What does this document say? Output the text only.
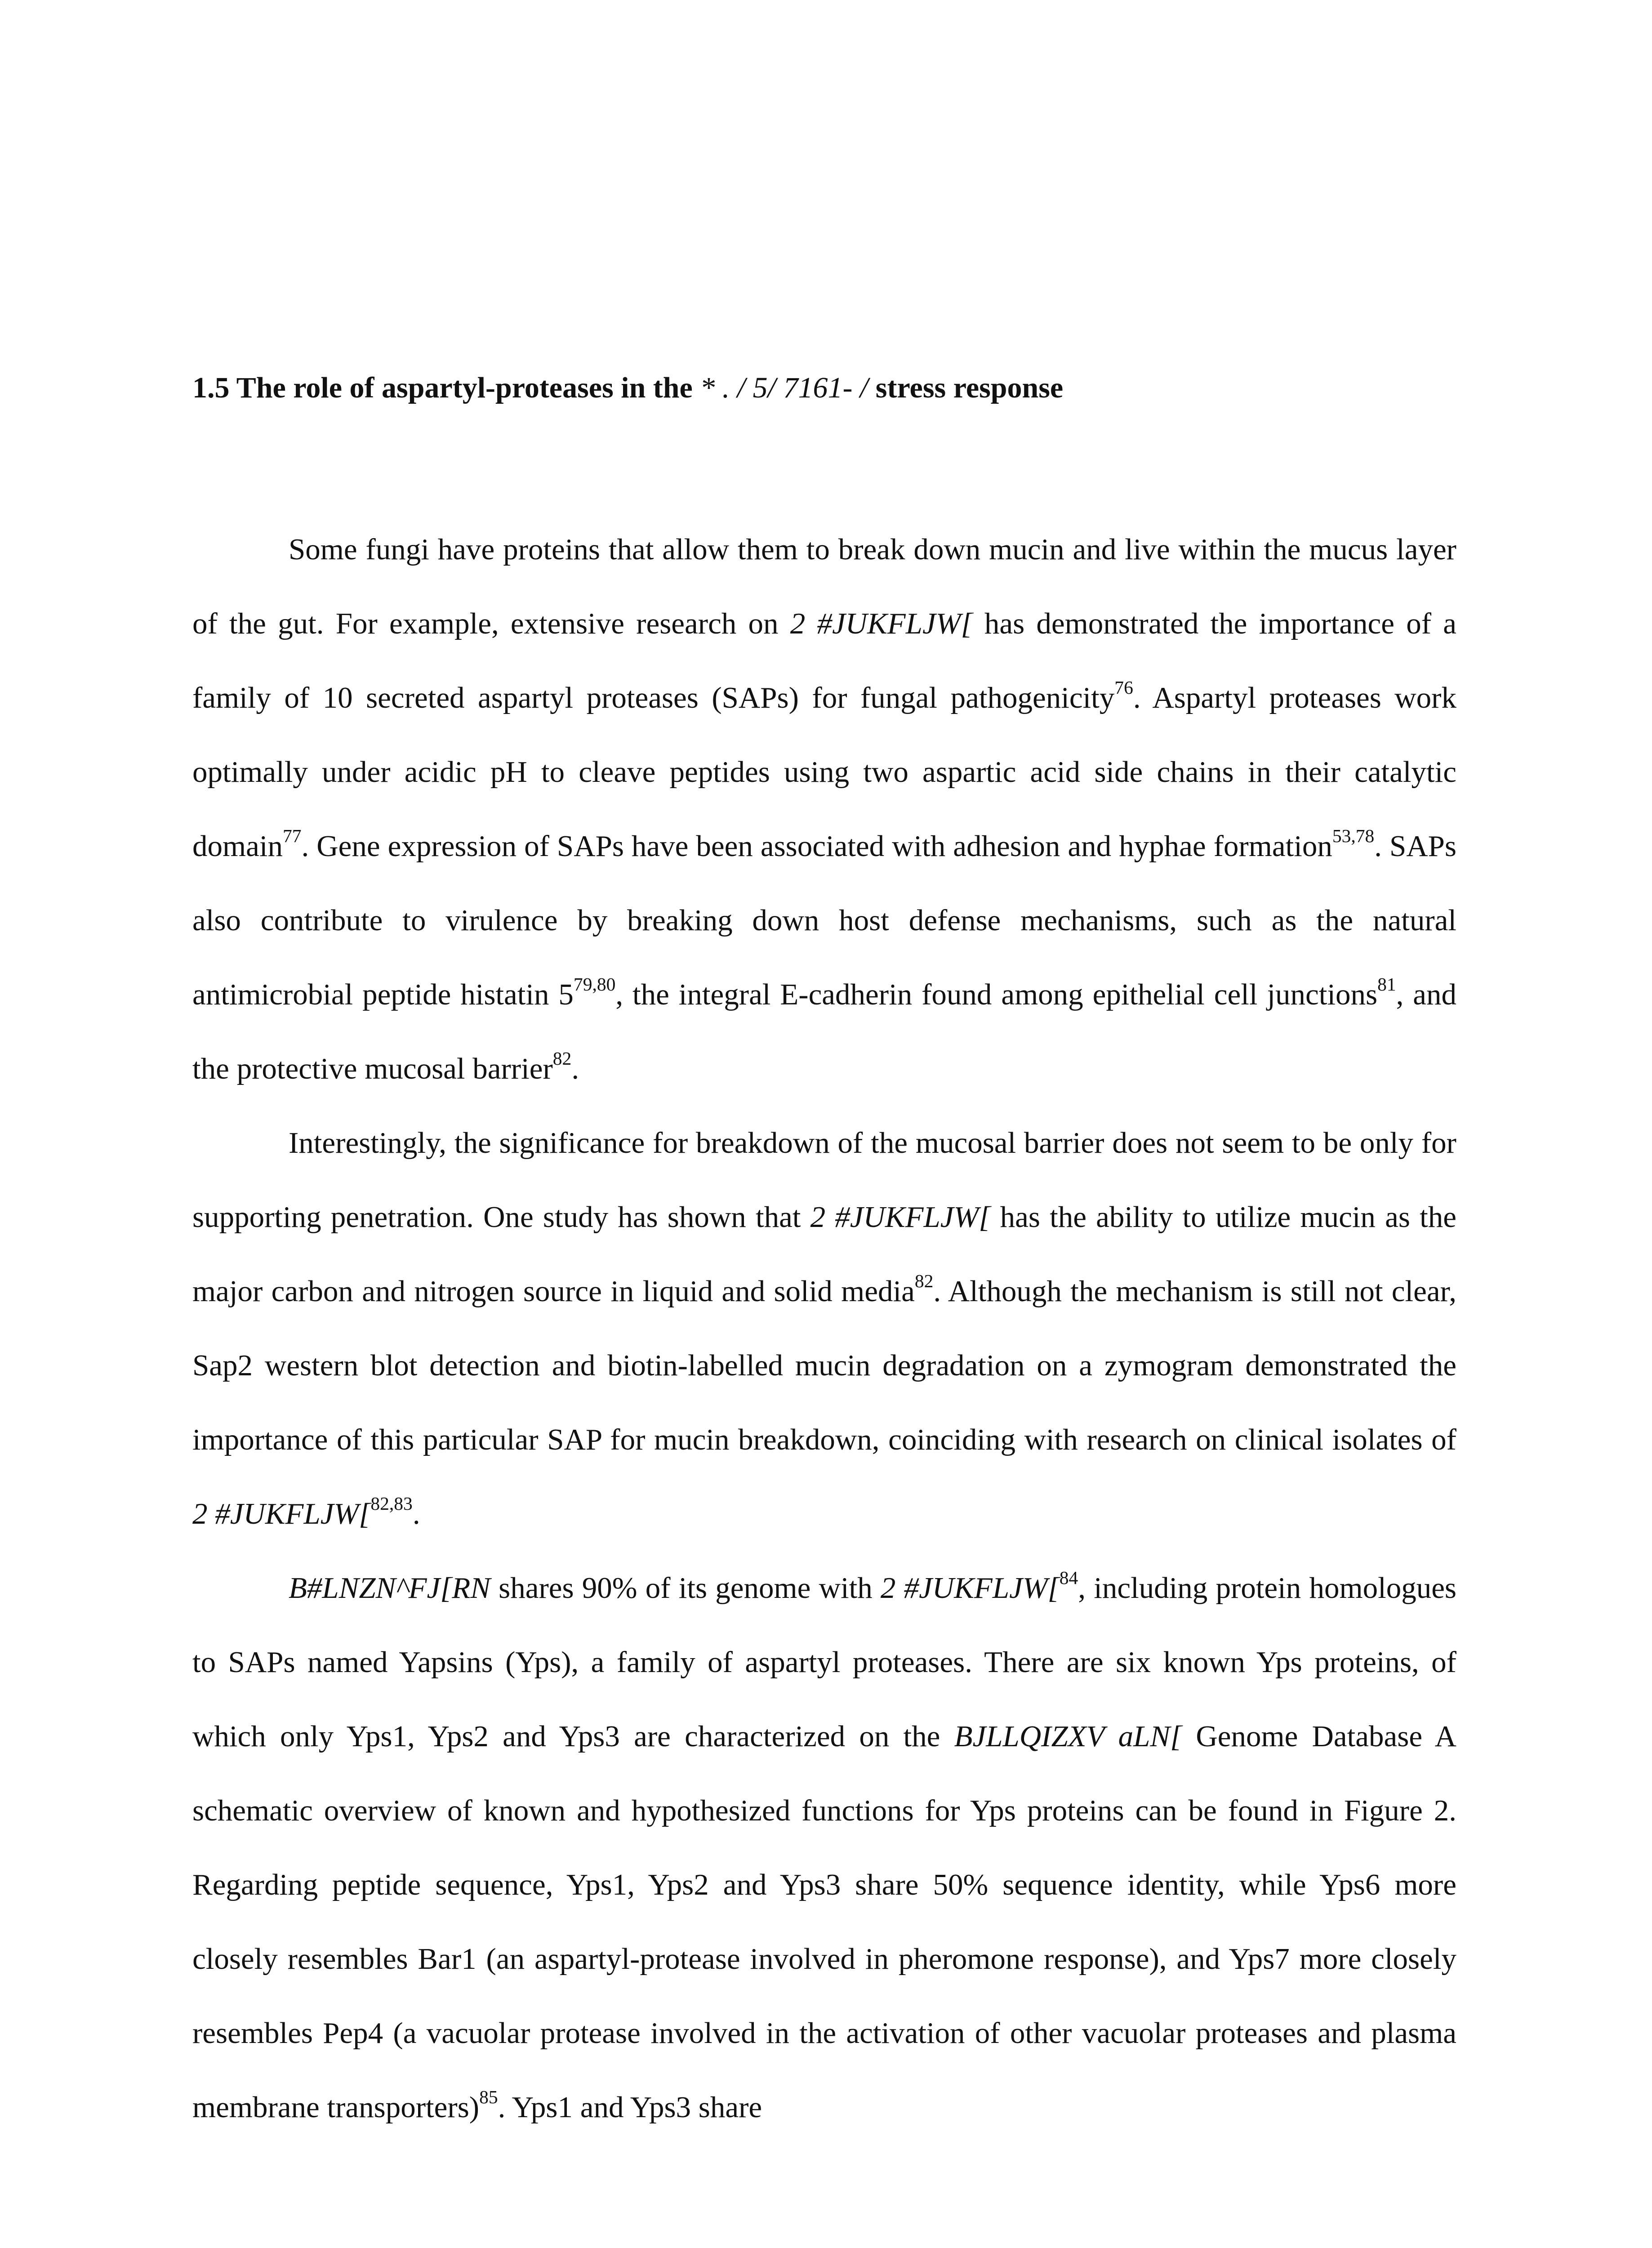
1.5 The role of aspartyl-proteases in the * . / 5/ 7161- / stress response

Some fungi have proteins that allow them to break down mucin and live within the mucus layer of the gut. For example, extensive research on 2 #JUKFLJW[ has demonstrated the importance of a family of 10 secreted aspartyl proteases (SAPs) for fungal pathogenicity$^{76}$. Aspartyl proteases work optimally under acidic pH to cleave peptides using two aspartic acid side chains in their catalytic domain$^{77}$. Gene expression of SAPs have been associated with adhesion and hyphae formation$^{53,78}$. SAPs also contribute to virulence by breaking down host defense mechanisms, such as the natural antimicrobial peptide histatin 5$^{79,80}$, the integral E-cadherin found among epithelial cell junctions$^{81}$, and the protective mucosal barrier$^{82}$.

Interestingly, the significance for breakdown of the mucosal barrier does not seem to be only for supporting penetration. One study has shown that 2 #JUKFLJW[ has the ability to utilize mucin as the major carbon and nitrogen source in liquid and solid media$^{82}$. Although the mechanism is still not clear, Sap2 western blot detection and biotin-labelled mucin degradation on a zymogram demonstrated the importance of this particular SAP for mucin breakdown, coinciding with research on clinical isolates of 2 #JUKFLJW[$^{82,83}$.

B#LNZN^FJ[RN shares 90% of its genome with 2 #JUKFLJW[$^{84}$, including protein homologues to SAPs named Yapsins (Yps), a family of aspartyl proteases. There are six known Yps proteins, of which only Yps1, Yps2 and Yps3 are characterized on the BJLLQIZXV aLN[ Genome Database A schematic overview of known and hypothesized functions for Yps proteins can be found in Figure 2. Regarding peptide sequence, Yps1, Yps2 and Yps3 share 50% sequence identity, while Yps6 more closely resembles Bar1 (an aspartyl-protease involved in pheromone response), and Yps7 more closely resembles Pep4 (a vacuolar protease involved in the activation of other vacuolar proteases and plasma membrane transporters)$^{85}$. Yps1 and Yps3 share
